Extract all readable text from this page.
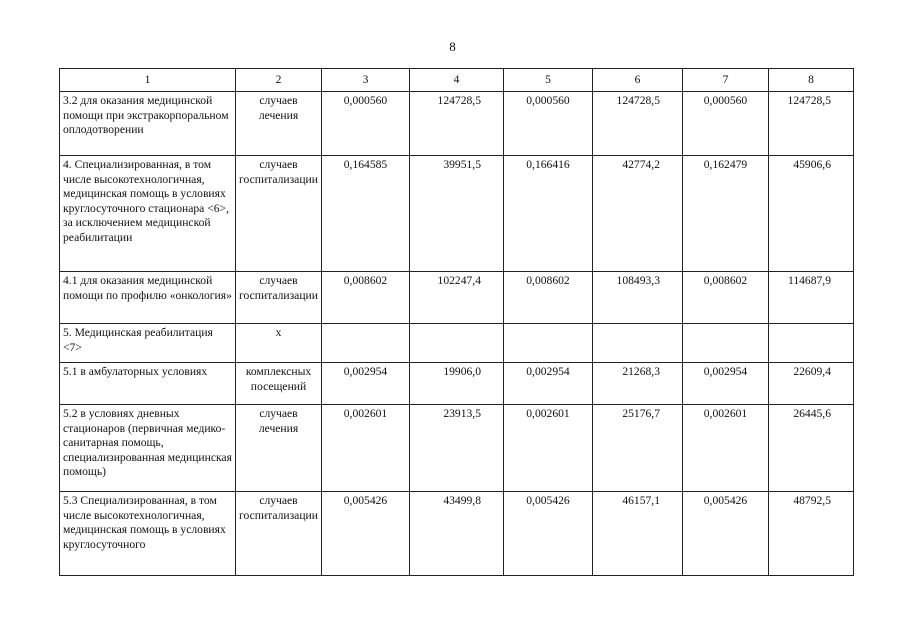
8
1	2	3	4	5	6	7	8
3.2 для оказания медицинской помощи при экстракорпоральном оплодотворении	случаев лечения	0,000560	124728,5	0,000560	124728,5	0,000560	124728,5
4. Специализированная, в том числе высокотехнологичная, медицинская помощь в условиях круглосуточного стационара <6>, за исключением медицинской реабилитации	случаев госпитализации	0,164585	39951,5	0,166416	42774,2	0,162479	45906,6
4.1 для оказания медицинской помощи по профилю «онкология»	случаев госпитализации	0,008602	102247,4	0,008602	108493,3	0,008602	114687,9
5. Медицинская реабилитация <7>	x						
5.1 в амбулаторных условиях	комплексных посещений	0,002954	19906,0	0,002954	21268,3	0,002954	22609,4
5.2 в условиях дневных стационаров (первичная медико-санитарная помощь, специализированная медицинская помощь)	случаев лечения	0,002601	23913,5	0,002601	25176,7	0,002601	26445,6
5.3 Специализированная, в том числе высокотехнологичная, медицинская помощь в условиях круглосуточного	случаев госпитализации	0,005426	43499,8	0,005426	46157,1	0,005426	48792,5
